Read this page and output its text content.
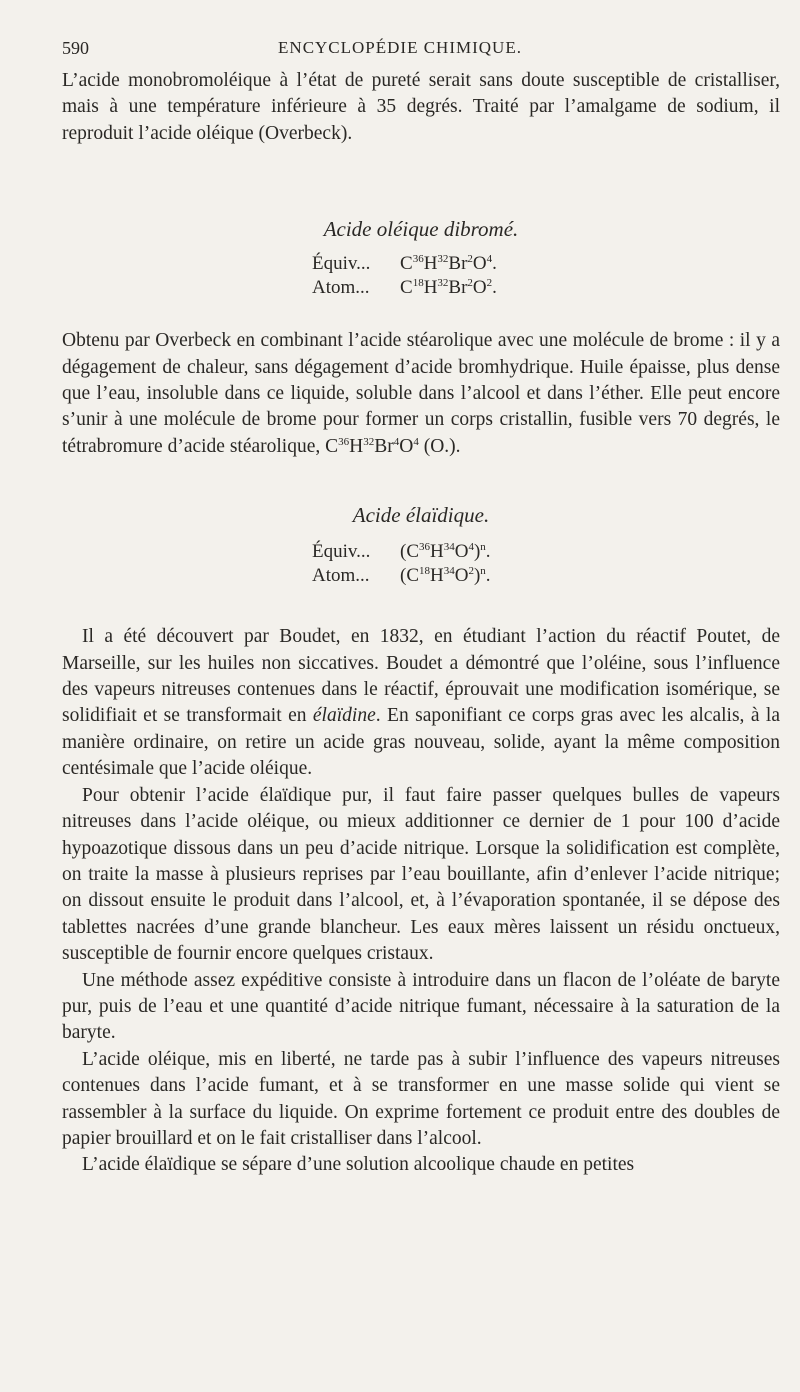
590	ENCYCLOPÉDIE CHIMIQUE.

L’acide monobromoléique à l’état de pureté serait sans doute susceptible de cristalliser, mais à une température inférieure à 35 degrés. Traité par l’amalgame de sodium, il reproduit l’acide oléique (Overbeck).

Acide oléique dibromé.
Équiv... $C^{36}H^{32}Br^2O^4$.
Atom... $C^{18}H^{32}Br^2O^2$.

Obtenu par Overbeck en combinant l’acide stéarolique avec une molécule de brome : il y a dégagement de chaleur, sans dégagement d’acide bromhydrique. Huile épaisse, plus dense que l’eau, insoluble dans ce liquide, soluble dans l’alcool et dans l’éther. Elle peut encore s’unir à une molécule de brome pour former un corps cristallin, fusible vers 70 degrés, le tétrabromure d’acide stéarolique, $C^{36}H^{32}Br^4O^4$ (O.).

Acide élaïdique.
Équiv... $(C^{36}H^{34}O^4)^n$.
Atom... $(C^{18}H^{34}O^2)^n$.

Il a été découvert par Boudet, en 1832, en étudiant l’action du réactif Poutet, de Marseille, sur les huiles non siccatives. Boudet a démontré que l’oléine, sous l’influence des vapeurs nitreuses contenues dans le réactif, éprouvait une modification isomérique, se solidifiait et se transformait en élaïdine. En saponifiant ce corps gras avec les alcalis, à la manière ordinaire, on retire un acide gras nouveau, solide, ayant la même composition centésimale que l’acide oléique.

Pour obtenir l’acide élaïdique pur, il faut faire passer quelques bulles de vapeurs nitreuses dans l’acide oléique, ou mieux additionner ce dernier de 1 pour 100 d’acide hypoazotique dissous dans un peu d’acide nitrique. Lorsque la solidification est complète, on traite la masse à plusieurs reprises par l’eau bouillante, afin d’enlever l’acide nitrique; on dissout ensuite le produit dans l’alcool, et, à l’évaporation spontanée, il se dépose des tablettes nacrées d’une grande blancheur. Les eaux mères laissent un résidu onctueux, susceptible de fournir encore quelques cristaux.

Une méthode assez expéditive consiste à introduire dans un flacon de l’oléate de baryte pur, puis de l’eau et une quantité d’acide nitrique fumant, nécessaire à la saturation de la baryte.

L’acide oléique, mis en liberté, ne tarde pas à subir l’influence des vapeurs nitreuses contenues dans l’acide fumant, et à se transformer en une masse solide qui vient se rassembler à la surface du liquide. On exprime fortement ce produit entre des doubles de papier brouillard et on le fait cristalliser dans l’alcool.

L’acide élaïdique se sépare d’une solution alcoolique chaude en petites
